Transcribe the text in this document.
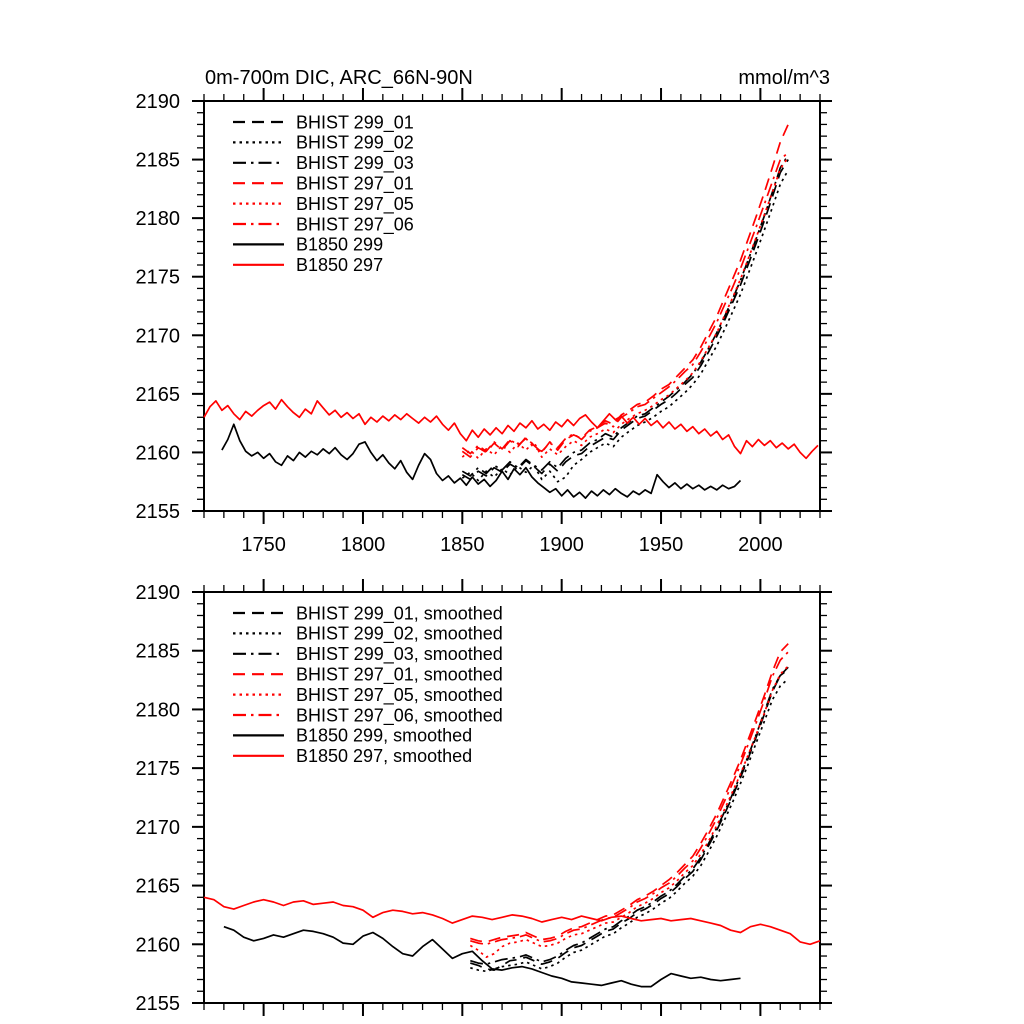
0m-700m DIC, ARC_66N-90N	mmol/m^3
2155
2160
2165
2170
2175
2180
2185
2190
1750	1800	1850	1900	1950	2000
BHIST 299_01
BHIST 299_02
BHIST 299_03
BHIST 297_01
BHIST 297_05
BHIST 297_06
B1850 299
B1850 297
2155
2160
2165
2170
2175
2180
2185
2190
BHIST 299_01, smoothed
BHIST 299_02, smoothed
BHIST 299_03, smoothed
BHIST 297_01, smoothed
BHIST 297_05, smoothed
BHIST 297_06, smoothed
B1850 299, smoothed
B1850 297, smoothed
